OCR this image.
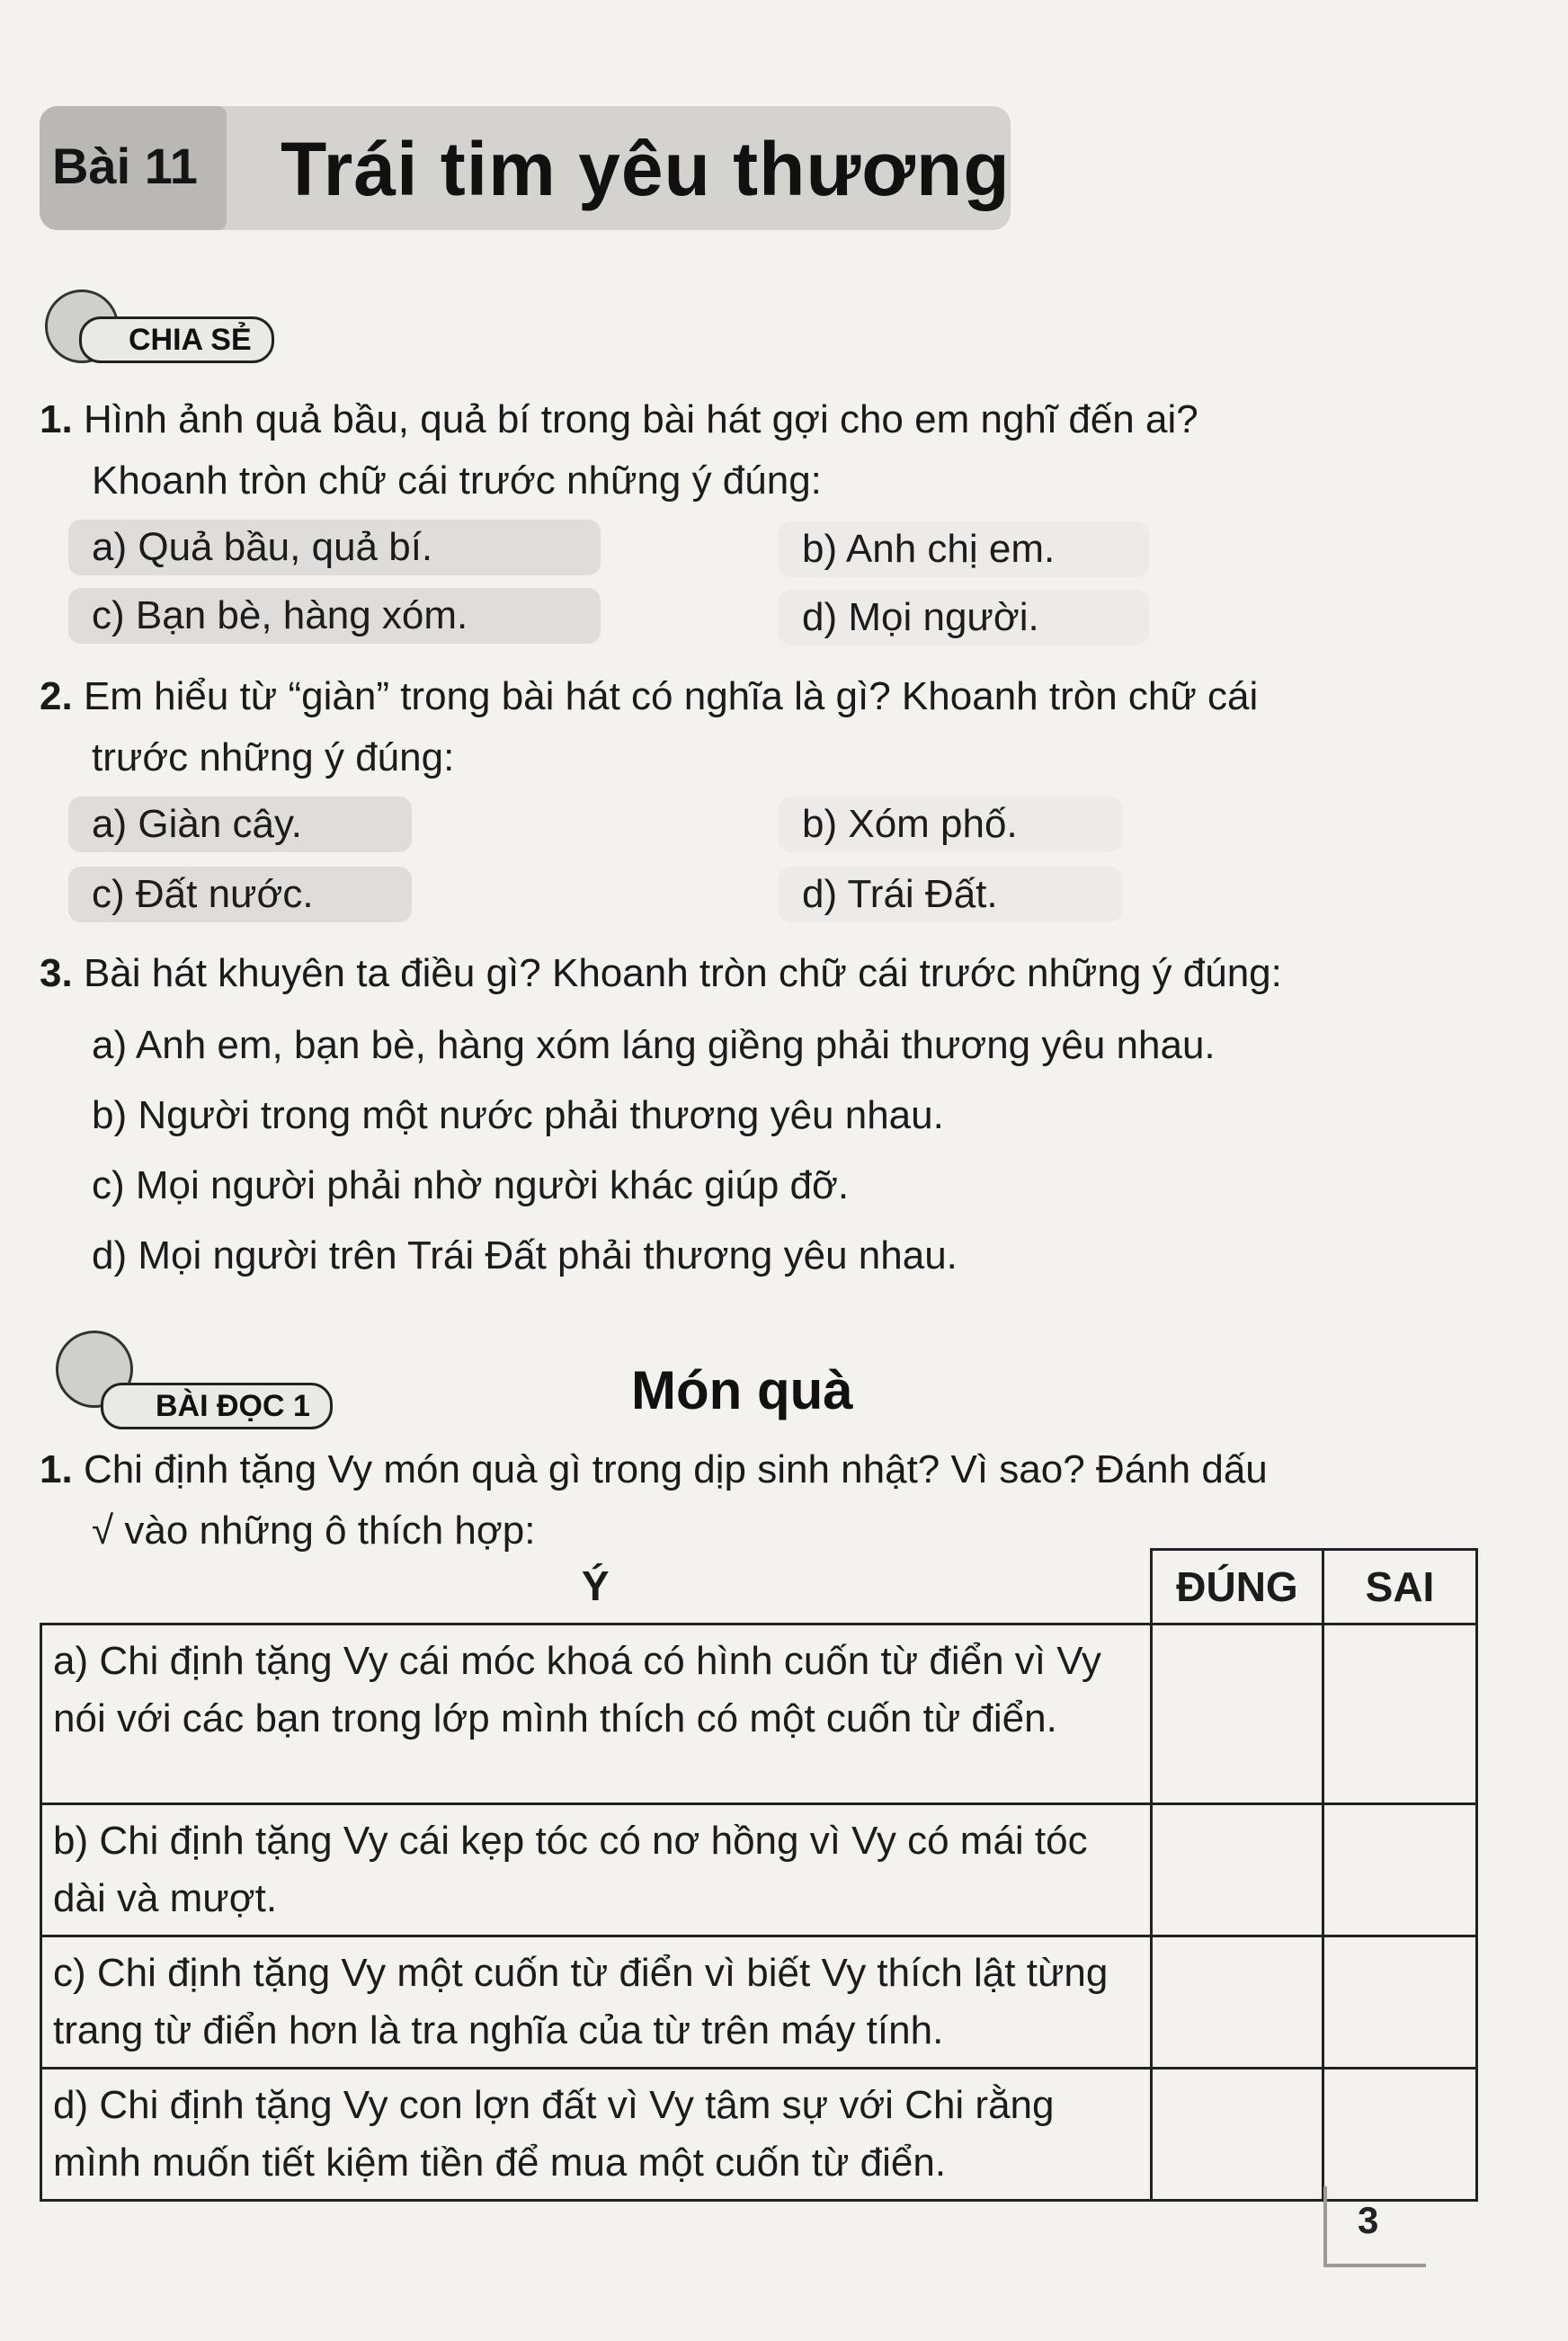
Bài 11 Trái tim yêu thương
CHIA SẺ
1. Hình ảnh quả bầu, quả bí trong bài hát gợi cho em nghĩ đến ai?
Khoanh tròn chữ cái trước những ý đúng:
a) Quả bầu, quả bí.	b) Anh chị em.
c) Bạn bè, hàng xóm.	d) Mọi người.
2. Em hiểu từ “giàn” trong bài hát có nghĩa là gì? Khoanh tròn chữ cái
trước những ý đúng:
a) Giàn cây.	b) Xóm phố.
c) Đất nước.	d) Trái Đất.
3. Bài hát khuyên ta điều gì? Khoanh tròn chữ cái trước những ý đúng:
a) Anh em, bạn bè, hàng xóm láng giềng phải thương yêu nhau.
b) Người trong một nước phải thương yêu nhau.
c) Mọi người phải nhờ người khác giúp đỡ.
d) Mọi người trên Trái Đất phải thương yêu nhau.
BÀI ĐỌC 1	Món quà
1. Chi định tặng Vy món quà gì trong dịp sinh nhật? Vì sao? Đánh dấu
√ vào những ô thích hợp:
Ý	ĐÚNG	SAI
a) Chi định tặng Vy cái móc khoá có hình cuốn từ điển vì Vy nói với các bạn trong lớp mình thích có một cuốn từ điển.		
b) Chi định tặng Vy cái kẹp tóc có nơ hồng vì Vy có mái tóc dài và mượt.		
c) Chi định tặng Vy một cuốn từ điển vì biết Vy thích lật từng trang từ điển hơn là tra nghĩa của từ trên máy tính.		
d) Chi định tặng Vy con lợn đất vì Vy tâm sự với Chi rằng mình muốn tiết kiệm tiền để mua một cuốn từ điển.		
3
